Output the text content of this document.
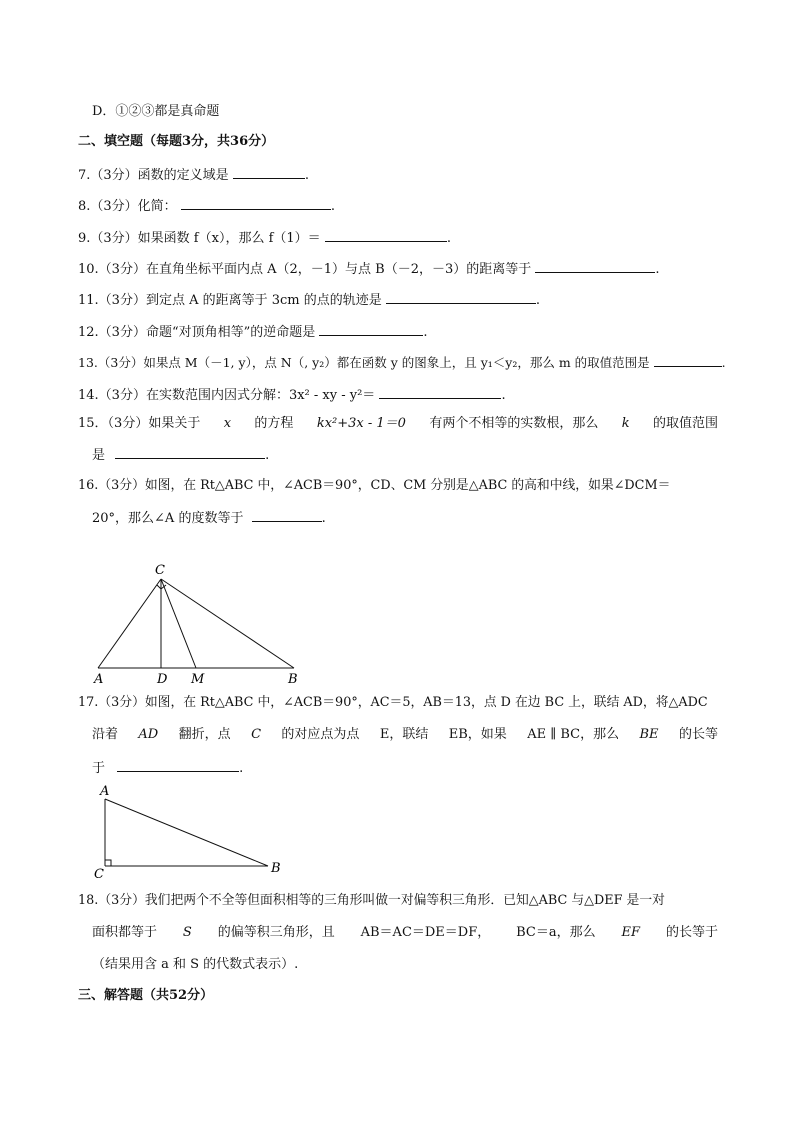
D．①②③都是真命题
二、填空题（每题3分，共36分）
7.（3分）函数的定义域是	.
8.（3分）化简：	.
9.（3分）如果函数 f（x），那么 f（1）＝	.
10.（3分）在直角坐标平面内点 A（2，－1）与点 B（－2，－3）的距离等于	.
11.（3分）到定点 A 的距离等于 3cm 的点的轨迹是	.
12.（3分）命题“对顶角相等”的逆命题是	.
13.（3分）如果点 M（－1, y），点 N（, y₂）都在函数 y 的图象上，且 y₁＜y₂，那么 m 的取值范围是	.
14.（3分）在实数范围内因式分解：3x² - xy - y²＝	.
15．（3分）如果关于 x 的方程 kx²+3x - 1＝0 有两个不相等的实数根，那么 k 的取值范围
是	.
16.（3分）如图，在 Rt△ABC 中，∠ACB＝90°，CD、CM 分别是△ABC 的高和中线，如果∠DCM＝
20°，那么∠A 的度数等于	.
C
A	D M	B
17.（3分）如图，在 Rt△ABC 中，∠ACB＝90°，AC＝5，AB＝13，点 D 在边 BC 上，联结 AD，将△ADC
沿着 AD 翻折，点 C 的对应点为点 E，联结 EB，如果 AE ∥ BC，那么 BE 的长等
于	.
A
C	B
18.（3分）我们把两个不全等但面积相等的三角形叫做一对偏等积三角形．已知△ABC 与△DEF 是一对
面积都等于 S 的偏等积三角形，且 AB＝AC＝DE＝DF， BC＝a，那么 EF 的长等于
（结果用含 a 和 S 的代数式表示）.
三、解答题（共52分）
